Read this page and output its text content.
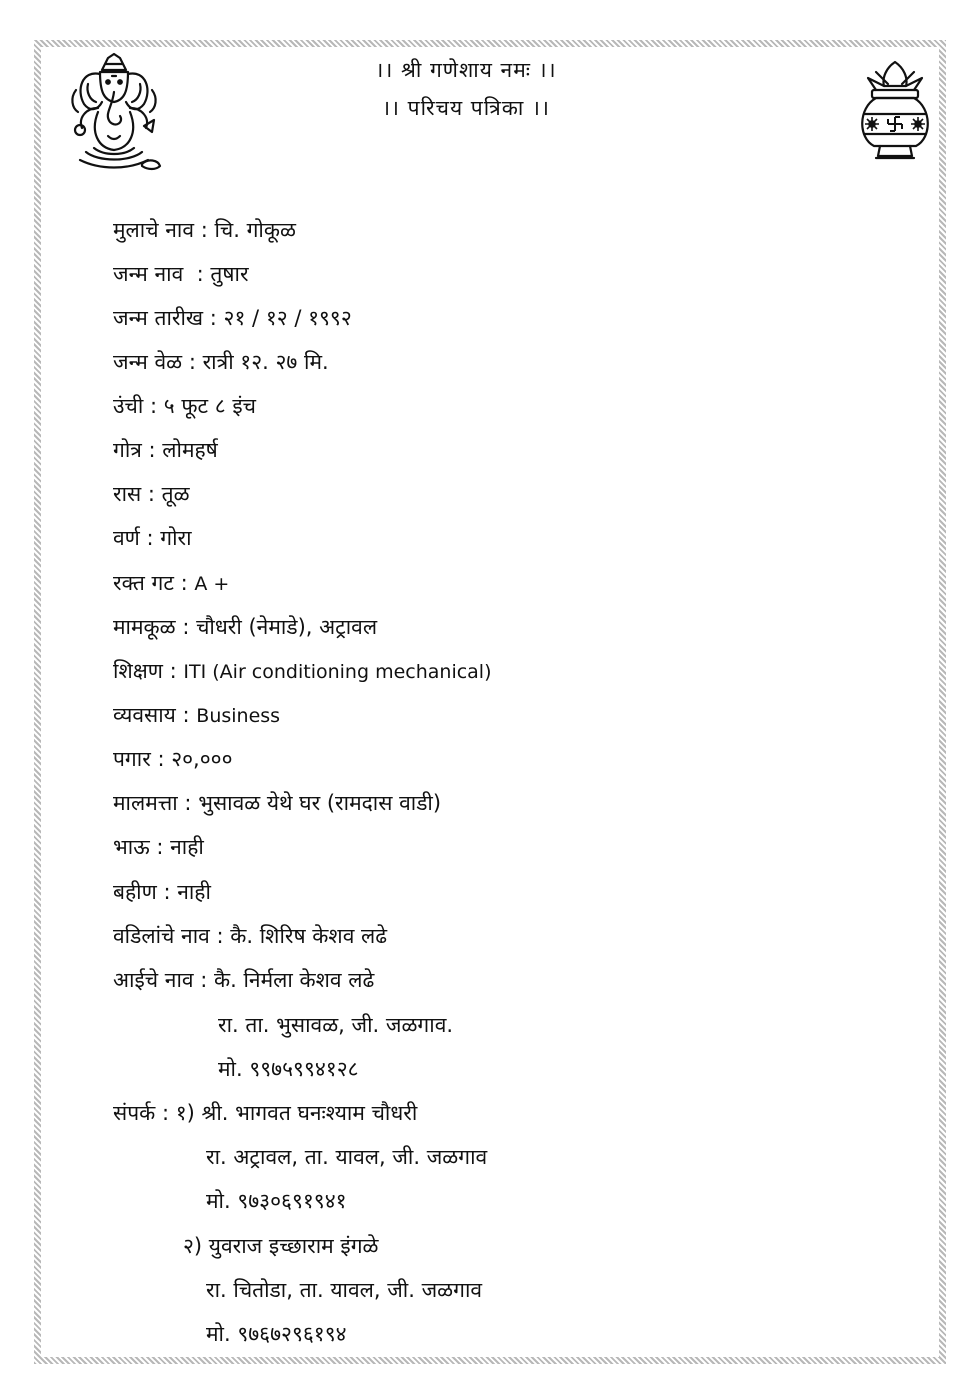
।। श्री गणेशाय नमः ।।
।। परिचय पत्रिका ।।
मुलाचे नाव : चि. गोकूळ
जन्म नाव  : तुषार
जन्म तारीख : २१ / १२ / १९९२
जन्म वेळ : रात्री १२. २७ मि.
उंची : ५ फूट ८ इंच
गोत्र : लोमहर्ष
रास : तूळ
वर्ण : गोरा
रक्त गट : A +
मामकूळ : चौधरी (नेमाडे), अट्रावल
शिक्षण : ITI (Air conditioning mechanical)
व्यवसाय : Business
पगार : २०,०००
मालमत्ता : भुसावळ येथे घर (रामदास वाडी)
भाऊ : नाही
बहीण : नाही
वडिलांचे नाव : कै. शिरिष केशव लढे
आईचे नाव : कै. निर्मला केशव लढे
रा. ता. भुसावळ, जी. जळगाव.
मो. ९९७५९९४१२८
संपर्क : १) श्री. भागवत घनःश्याम चौधरी
रा. अट्रावल, ता. यावल, जी. जळगाव
मो. ९७३०६९१९४१
२) युवराज इच्छाराम इंगळे
रा. चितोडा, ता. यावल, जी. जळगाव
मो. ९७६७२९६१९४
